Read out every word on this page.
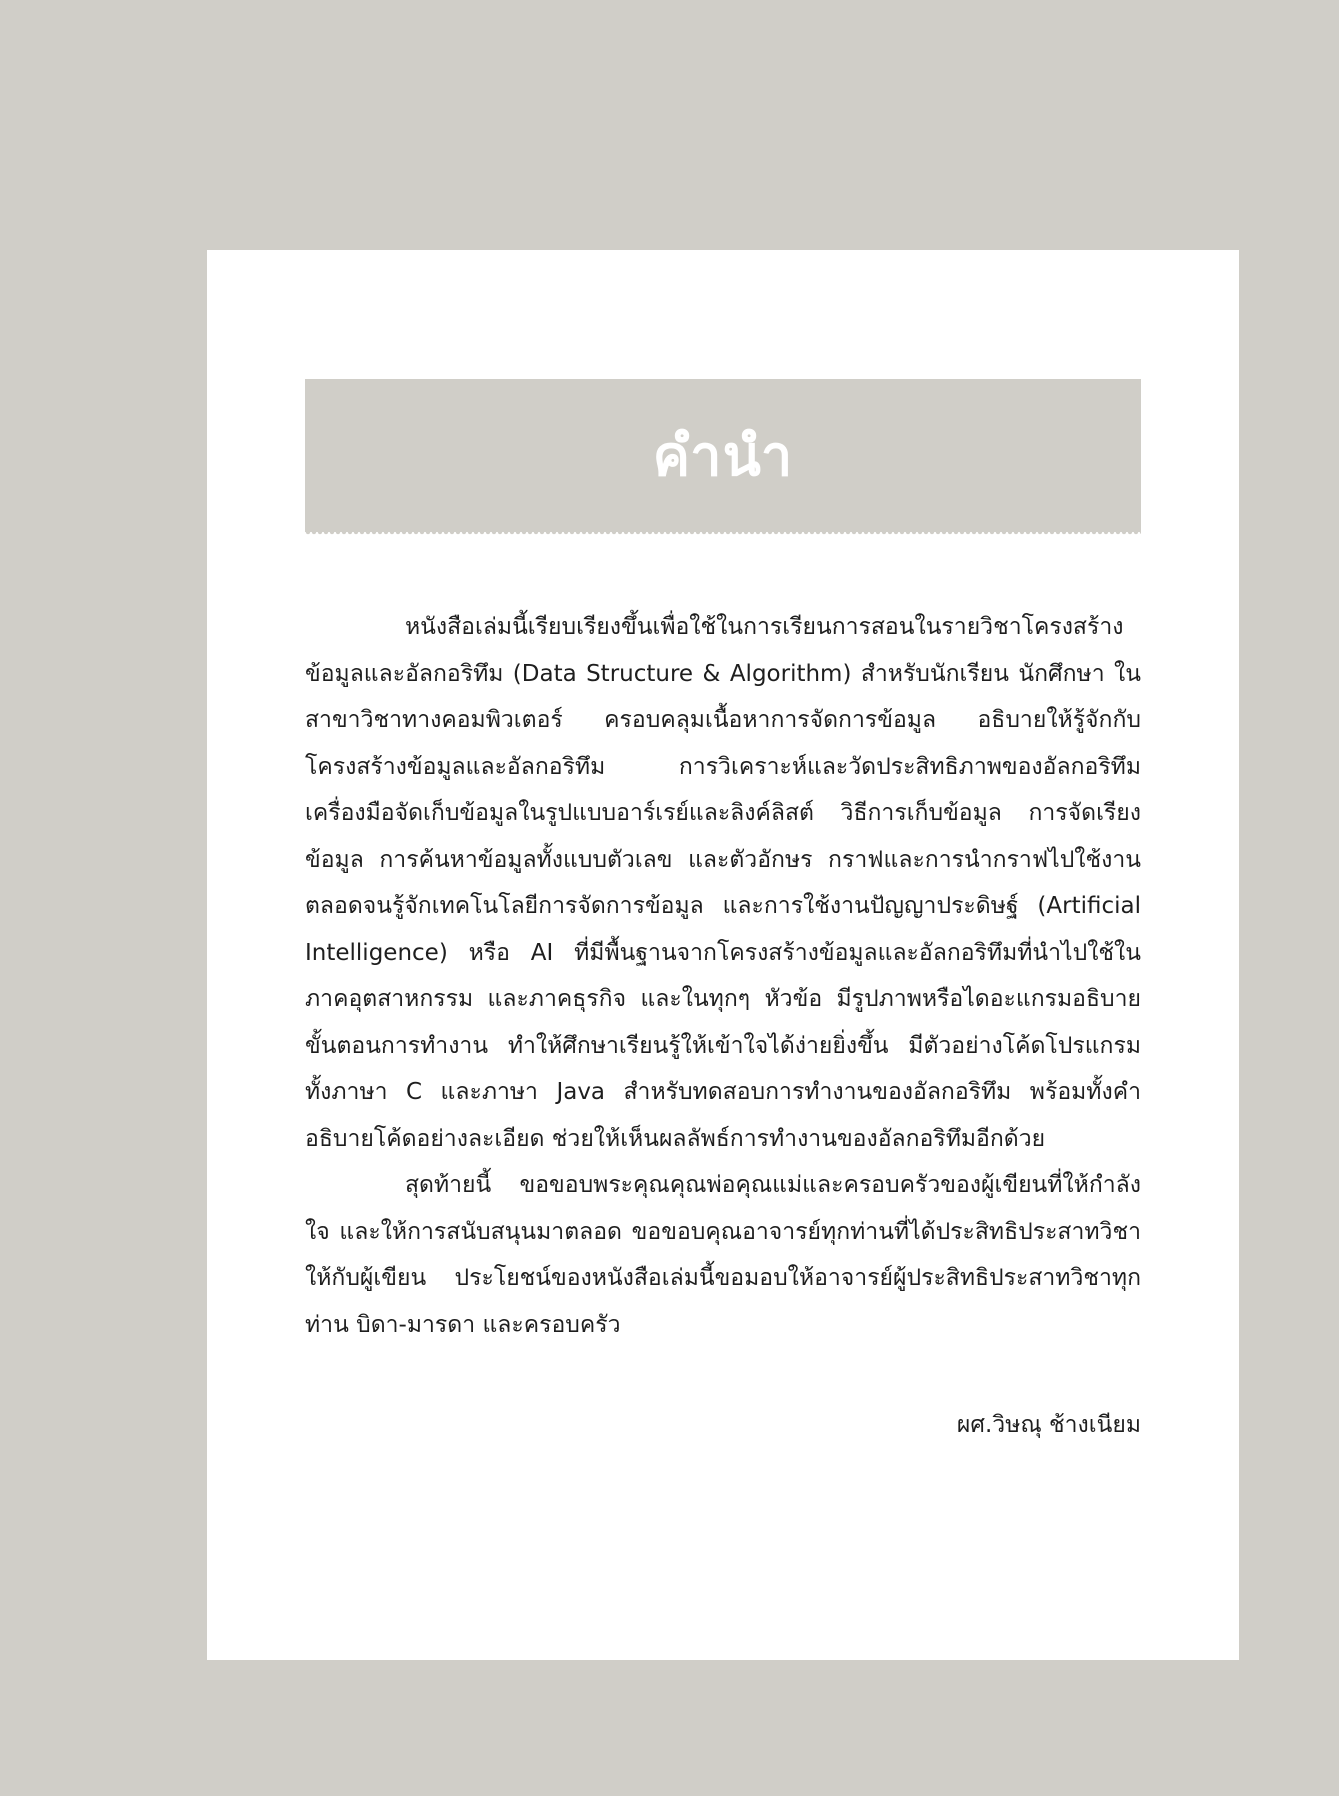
คำนำ

หนังสือเล่มนี้เรียบเรียงขึ้นเพื่อใช้ในการเรียนการสอนในรายวิชาโครงสร้างข้อมูลและอัลกอริทึม (Data Structure & Algorithm) สำหรับนักเรียน นักศึกษา ในสาขาวิชาทางคอมพิวเตอร์ ครอบคลุมเนื้อหาการจัดการข้อมูล อธิบายให้รู้จักกับโครงสร้างข้อมูลและอัลกอริทึม การวิเคราะห์และวัดประสิทธิภาพของอัลกอริทึม เครื่องมือจัดเก็บข้อมูลในรูปแบบอาร์เรย์และลิงค์ลิสต์ วิธีการเก็บข้อมูล การจัดเรียงข้อมูล การค้นหาข้อมูลทั้งแบบตัวเลข และตัวอักษร กราฟและการนำกราฟไปใช้งาน ตลอดจนรู้จักเทคโนโลยีการจัดการข้อมูล และการใช้งานปัญญาประดิษฐ์ (Artificial Intelligence) หรือ AI ที่มีพื้นฐานจากโครงสร้างข้อมูลและอัลกอริทึมที่นำไปใช้ในภาคอุตสาหกรรม และภาคธุรกิจ และในทุกๆ หัวข้อ มีรูปภาพหรือไดอะแกรมอธิบายขั้นตอนการทำงาน ทำให้ศึกษาเรียนรู้ให้เข้าใจได้ง่ายยิ่งขึ้น มีตัวอย่างโค้ดโปรแกรมทั้งภาษา C และภาษา Java สำหรับทดสอบการทำงานของอัลกอริทึม พร้อมทั้งคำอธิบายโค้ดอย่างละเอียด ช่วยให้เห็นผลลัพธ์การทำงานของอัลกอริทึมอีกด้วย

สุดท้ายนี้ ขอขอบพระคุณคุณพ่อคุณแม่และครอบครัวของผู้เขียนที่ให้กำลังใจ และให้การสนับสนุนมาตลอด ขอขอบคุณอาจารย์ทุกท่านที่ได้ประสิทธิประสาทวิชาให้กับผู้เขียน ประโยชน์ของหนังสือเล่มนี้ขอมอบให้อาจารย์ผู้ประสิทธิประสาทวิชาทุกท่าน บิดา-มารดา และครอบครัว

ผศ.วิษณุ ช้างเนียม
